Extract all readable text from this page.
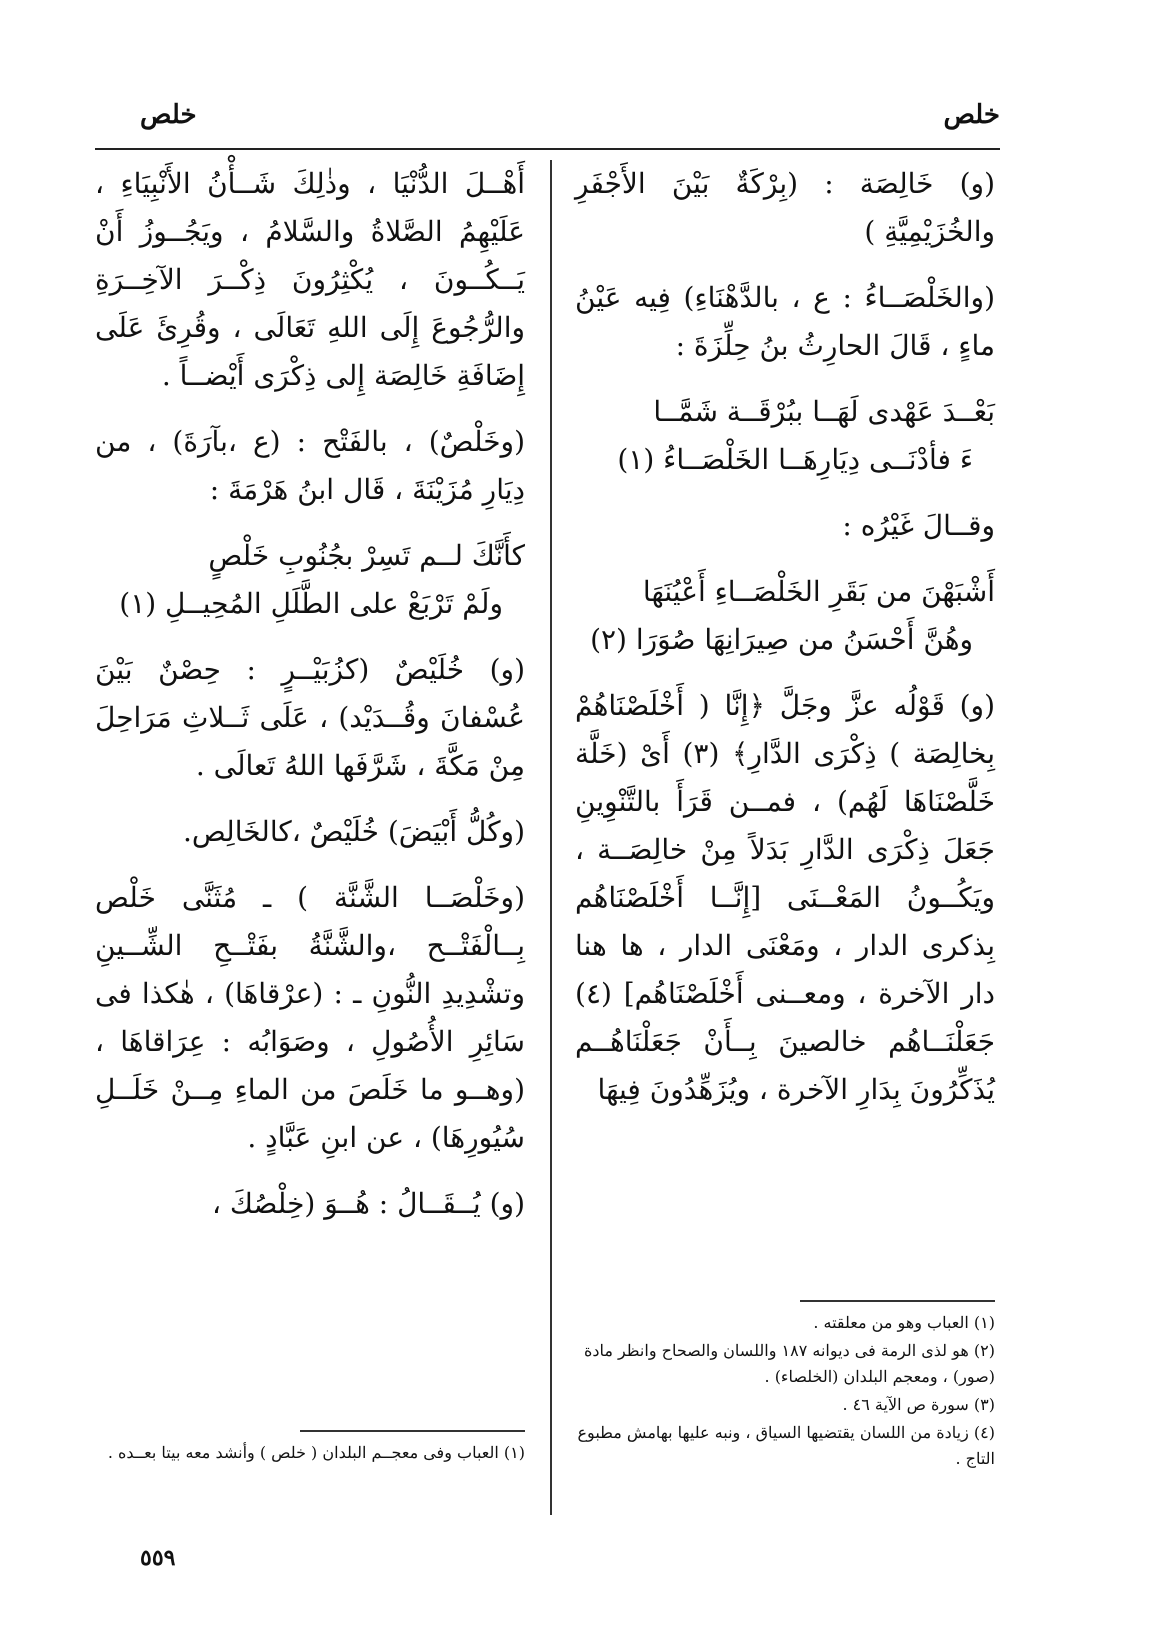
خلص
خلص

(و) خَالِصَة : (بِرْكَةٌ بَيْنَ الأَجْفَرِ والخُزَيْمِيَّةِ )

(والخَلْصَــاءُ : ع ، بالدَّهْنَاءِ) فِيه عَيْنُ ماءٍ ، قَالَ الحارِثُ بنُ حِلِّزَةَ :

بَعْــدَ عَهْدى لَهَــا ببُرْقَــة شَمَّــا

ءَ فأدْنَــى دِيَارِهَــا الخَلْصَــاءُ (١)

وقــالَ غَيْرُه :

أَشْبَهْنَ من بَقَرِ الخَلْصَــاءِ أَعْيُنَهَا

وهُنَّ أَحْسَنُ من صِيرَانِهَا صُوَرَا (٢)

(و) قَوْلُه عزَّ وجَلَّ ﴿إِنَّا ( أَخْلَصْنَاهُمْ بِخالِصَة ) ذِكْرَى الدَّارِ﴾ (٣) أَىْ (خَلَّة خَلَّصْنَاهَا لَهُم) ، فمــن قَرَأَ بالتَّنْوِينِ جَعَلَ ذِكْرَى الدَّارِ بَدَلاً مِنْ خالِصَــة ، ويَكُــونُ المَعْــنَى [إِنَّــا أَخْلَصْنَاهُم بِذكرى الدار ، ومَعْنَى الدار ، ها هنا دار الآخرة ، ومعــنى أَخْلَصْنَاهُم] (٤) جَعَلْنَــاهُم خالصينَ بِــأَنْ جَعَلْنَاهُــم يُذَكِّرُونَ بِدَارِ الآخرة ، ويُزَهِّدُونَ فِيهَا

(١) العباب وهو من معلقته .

(٢) هو لذى الرمة فى ديوانه ١٨٧ واللسان والصحاح وانظر مادة (صور) ، ومعجم البلدان (الخلصاء) .

(٣) سورة ص الآية ٤٦ .

(٤) زيادة من اللسان يقتضيها السياق ، ونبه عليها بهامش مطبوع التاج .

أَهْــلَ الدُّنْيَا ، وذٰلِكَ شَــأْنُ الأَنْبِيَاءِ ، عَلَيْهِمُ الصَّلاةُ والسَّلامُ ، ويَجُــوزُ أَنْ يَــكُــونَ ، يُكْثِرُونَ ذِكْــرَ الآخِــرَةِ والرُّجُوعَ إِلَى اللهِ تَعَالَى ، وقُرِئَ عَلَى إِضَافَةِ خَالِصَة إِلى ذِكْرَى أَيْضــاً .

(وخَلْصٌ) ، بالفَتْح : (ع ،بآرَةَ) ، من دِيَارِ مُزَيْنَةَ ، قَال ابنُ هَرْمَةَ :

كأَنَّكَ لــم تَسِرْ بجُنُوبِ خَلْصٍ

ولَمْ تَرْبَعْ على الطَّلَلِ المُحِيــلِ (١)

(و) خُلَيْصٌ (كزُبَيْــرٍ : حِصْنٌ بَيْنَ عُسْفانَ وقُــدَيْد) ، عَلَى ثَــلاثِ مَرَاحِلَ مِنْ مَكَّةَ ، شَرَّفَها اللهُ تَعالَى .

(وكُلُّ أَبْيَضَ) خُلَيْصٌ ،كالخَالِص.

(وخَلْصَــا الشَّنَّة ) ـ مُثَنَّى خَلْص بِــالْفَتْــح ،والشَّنَّةُ بفَتْــحِ الشِّــينِ وتشْدِيدِ النُّونِ ـ : (عرْقاهَا) ، هٰكذا فى سَائِرِ الأُصُولِ ، وصَوَابُه : عِرَاقاهَا ، (وهــو ما خَلَصَ من الماءِ مِــنْ خَلَــلِ سُيُورِهَا) ، عن ابنِ عَبَّادٍ .

(و) يُــقَــالُ : هُــوَ (خِلْصُكَ ،

(١) العباب وفى معجــم البلدان ( خلص ) وأنشد معه بيتا بعــده .

٥٥٩
